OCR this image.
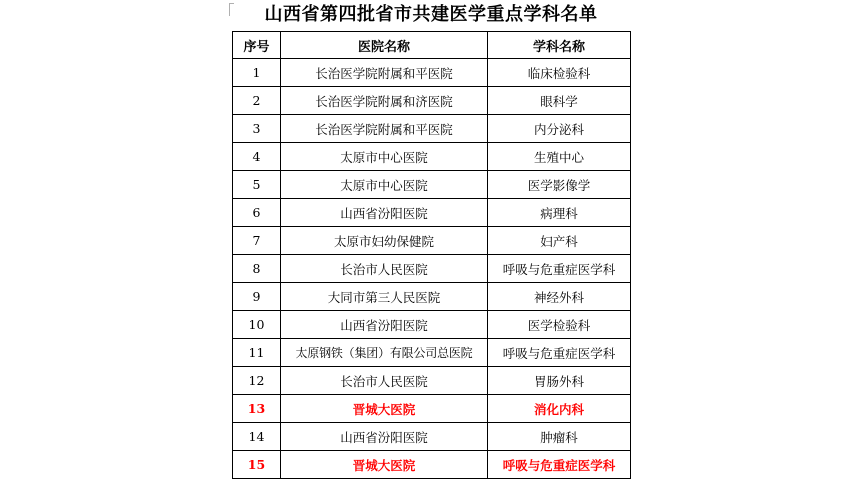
山西省第四批省市共建医学重点学科名单
序号	医院名称	学科名称
1	长治医学院附属和平医院	临床检验科
2	长治医学院附属和济医院	眼科学
3	长治医学院附属和平医院	内分泌科
4	太原市中心医院	生殖中心
5	太原市中心医院	医学影像学
6	山西省汾阳医院	病理科
7	太原市妇幼保健院	妇产科
8	长治市人民医院	呼吸与危重症医学科
9	大同市第三人民医院	神经外科
10	山西省汾阳医院	医学检验科
11	太原钢铁（集团）有限公司总医院	呼吸与危重症医学科
12	长治市人民医院	胃肠外科
13	晋城大医院	消化内科
14	山西省汾阳医院	肿瘤科
15	晋城大医院	呼吸与危重症医学科
